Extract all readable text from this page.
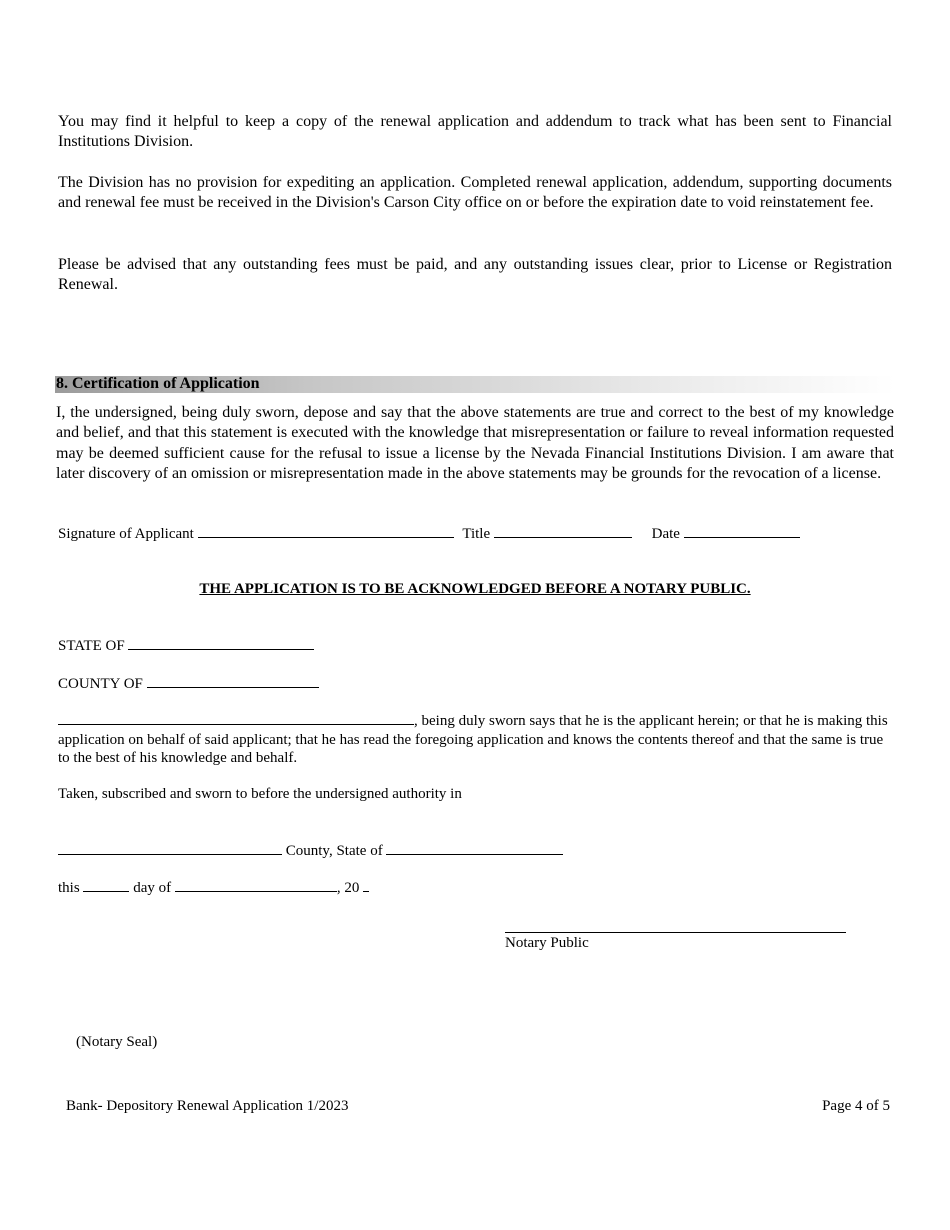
You may find it helpful to keep a copy of the renewal application and addendum to track what has been sent to Financial Institutions Division.

The Division has no provision for expediting an application. Completed renewal application, addendum, supporting documents and renewal fee must be received in the Division's Carson City office on or before the expiration date to void reinstatement fee.

Please be advised that any outstanding fees must be paid, and any outstanding issues clear, prior to License or Registration Renewal.

8. Certification of Application

I, the undersigned, being duly sworn, depose and say that the above statements are true and correct to the best of my knowledge and belief, and that this statement is executed with the knowledge that misrepresentation or failure to reveal information requested may be deemed sufficient cause for the refusal to issue a license by the Nevada Financial Institutions Division. I am aware that later discovery of an omission or misrepresentation made in the above statements may be grounds for the revocation of a license.

Signature of Applicant	Title	Date
THE APPLICATION IS TO BE ACKNOWLEDGED BEFORE A NOTARY PUBLIC.
STATE OF
COUNTY OF

, being duly sworn says that he is the applicant herein; or that he is making this application on behalf of said applicant; that he has read the foregoing application and knows the contents thereof and that the same is true to the best of his knowledge and behalf.

Taken, subscribed and sworn to before the undersigned authority in
County, State of
this	day of	, 20
Notary Public
(Notary Seal)
Bank- Depository Renewal Application 1/2023	Page 4 of 5
